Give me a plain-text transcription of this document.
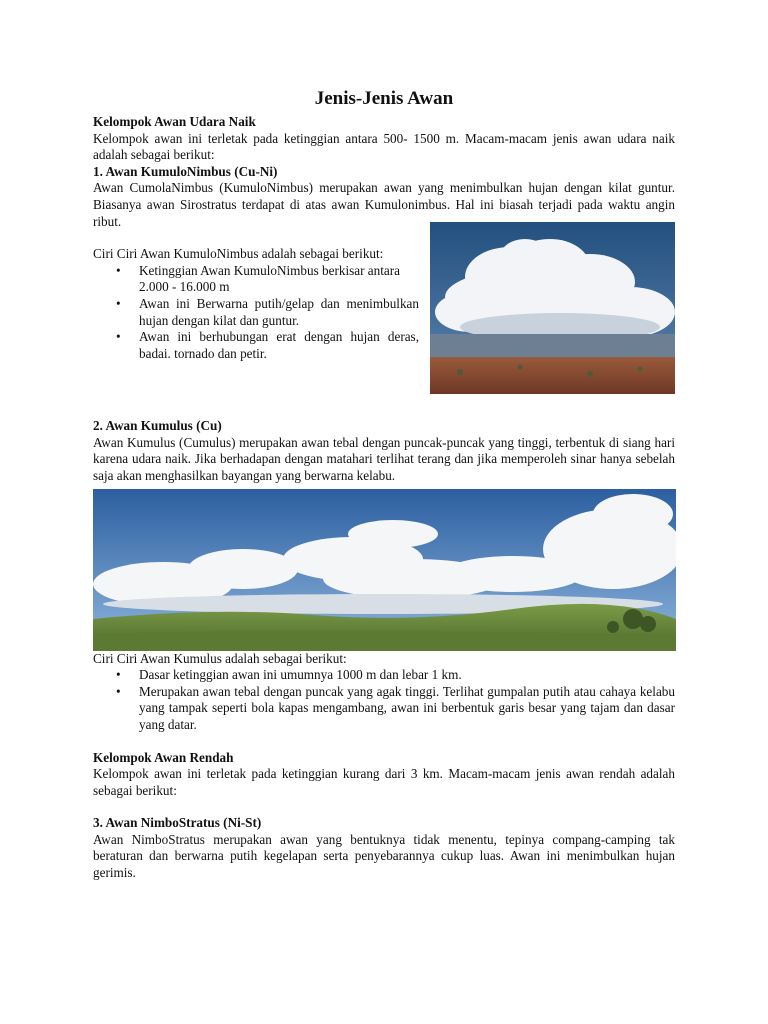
Jenis-Jenis Awan
Kelompok Awan Udara Naik

Kelompok awan ini terletak pada ketinggian antara 500- 1500 m. Macam-macam jenis awan udara naik adalah sebagai berikut:

1. Awan KumuloNimbus (Cu-Ni)

Awan CumolaNimbus (KumuloNimbus) merupakan awan yang menimbulkan hujan dengan kilat guntur. Biasanya awan Sirostratus terdapat di atas awan Kumulonimbus. Hal ini biasah terjadi pada waktu angin ribut.

Ciri Ciri Awan KumuloNimbus adalah sebagai berikut:

• Ketinggian Awan KumuloNimbus berkisar antara 2.000 - 16.000 m
• Awan ini Berwarna putih/gelap dan menimbulkan hujan dengan kilat dan guntur.
• Awan ini berhubungan erat dengan hujan deras, badai. tornado dan petir.
2. Awan Kumulus (Cu)

Awan Kumulus (Cumulus) merupakan awan tebal dengan puncak-puncak yang tinggi, terbentuk di siang hari karena udara naik. Jika berhadapan dengan matahari terlihat terang dan jika memperoleh sinar hanya sebelah saja akan menghasilkan bayangan yang berwarna kelabu.

Ciri Ciri Awan Kumulus adalah sebagai berikut:

• Dasar ketinggian awan ini umumnya 1000 m dan lebar 1 km.
• Merupakan awan tebal dengan puncak yang agak tinggi. Terlihat gumpalan putih atau cahaya kelabu yang tampak seperti bola kapas mengambang, awan ini berbentuk garis besar yang tajam dan dasar yang datar.
Kelompok Awan Rendah

Kelompok awan ini terletak pada ketinggian kurang dari 3 km. Macam-macam jenis awan rendah adalah sebagai berikut:

3. Awan NimboStratus (Ni-St)

Awan NimboStratus merupakan awan yang bentuknya tidak menentu, tepinya compang-camping tak beraturan dan berwarna putih kegelapan serta penyebarannya cukup luas. Awan ini menimbulkan hujan gerimis.
